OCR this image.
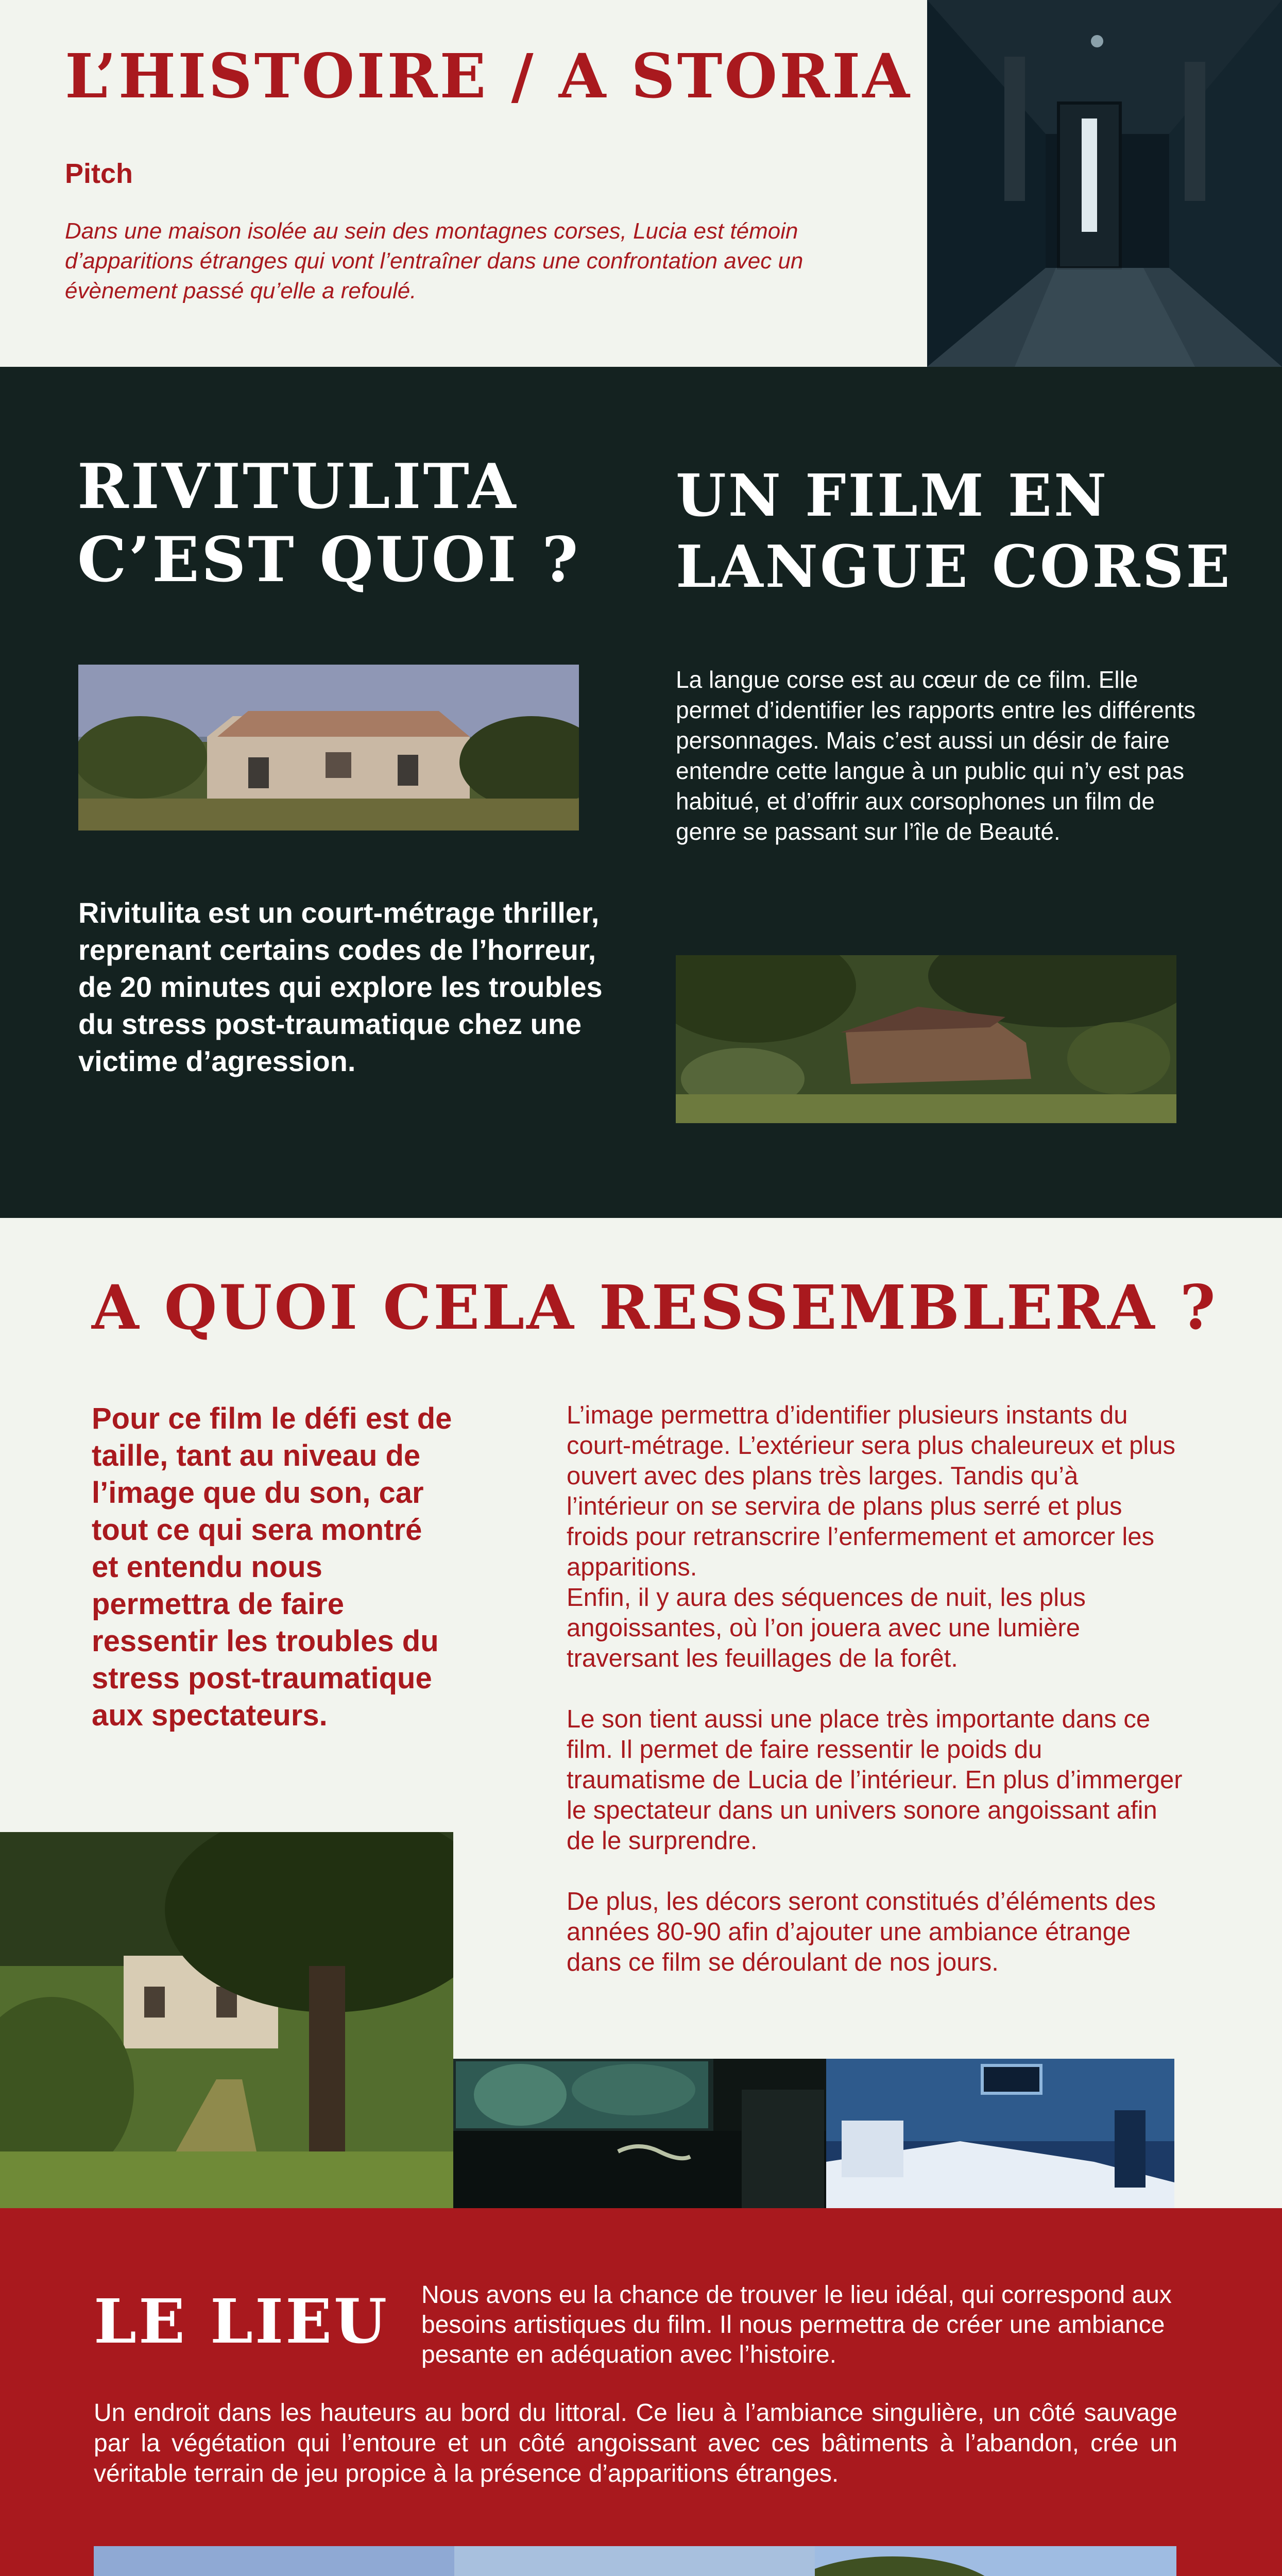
L’HISTOIRE / A STORIA
Pitch

Dans une maison isolée au sein des montagnes corses, Lucia est témoin d’apparitions étranges qui vont l’entraîner dans une confrontation avec un évènement passé qu’elle a refoulé.

RIVITULITA
C’EST QUOI ?
UN FILM EN
LANGUE CORSE

La langue corse est au cœur de ce film. Elle permet d’identifier les rapports entre les différents personnages. Mais c’est aussi un désir de faire entendre cette langue à un public qui n’y est pas habitué, et d’offrir aux corsophones un film de genre se passant sur l’île de Beauté.

Rivitulita est un court-métrage thriller, reprenant certains codes de l’horreur, de 20 minutes qui explore les troubles du stress post-traumatique chez une victime d’agression.

A QUOI CELA RESSEMBLERA ?

Pour ce film le défi est de taille, tant au niveau de l’image que du son, car tout ce qui sera montré et entendu nous permettra de faire ressentir les troubles du stress post-traumatique aux spectateurs.

L’image permettra d’identifier plusieurs instants du court-métrage. L’extérieur sera plus chaleureux et plus ouvert avec des plans très larges. Tandis qu’à l’intérieur on se servira de plans plus serré et plus froids pour retranscrire l’enfermement et amorcer les apparitions.

Enfin, il y aura des séquences de nuit, les plus angoissantes, où l’on jouera avec une lumière traversant les feuillages de la forêt.

Le son tient aussi une place très importante dans ce film. Il permet de faire ressentir le poids du traumatisme de Lucia de l’intérieur. En plus d’immerger le spectateur dans un univers sonore angoissant afin de le surprendre.

De plus, les décors seront constitués d’éléments des années 80-90 afin d’ajouter une ambiance étrange dans ce film se déroulant de nos jours.

LE LIEU Nous avons eu la chance de trouver le lieu idéal, qui correspond aux besoins artistiques du film. Il nous permettra de créer une ambiance pesante en adéquation avec l’histoire.

Un endroit dans les hauteurs au bord du littoral. Ce lieu à l’ambiance singulière, un côté sauvage par la végétation qui l’entoure et un côté angoissant avec ces bâtiments à l’abandon, crée un véritable terrain de jeu propice à la présence d’apparitions étranges.
